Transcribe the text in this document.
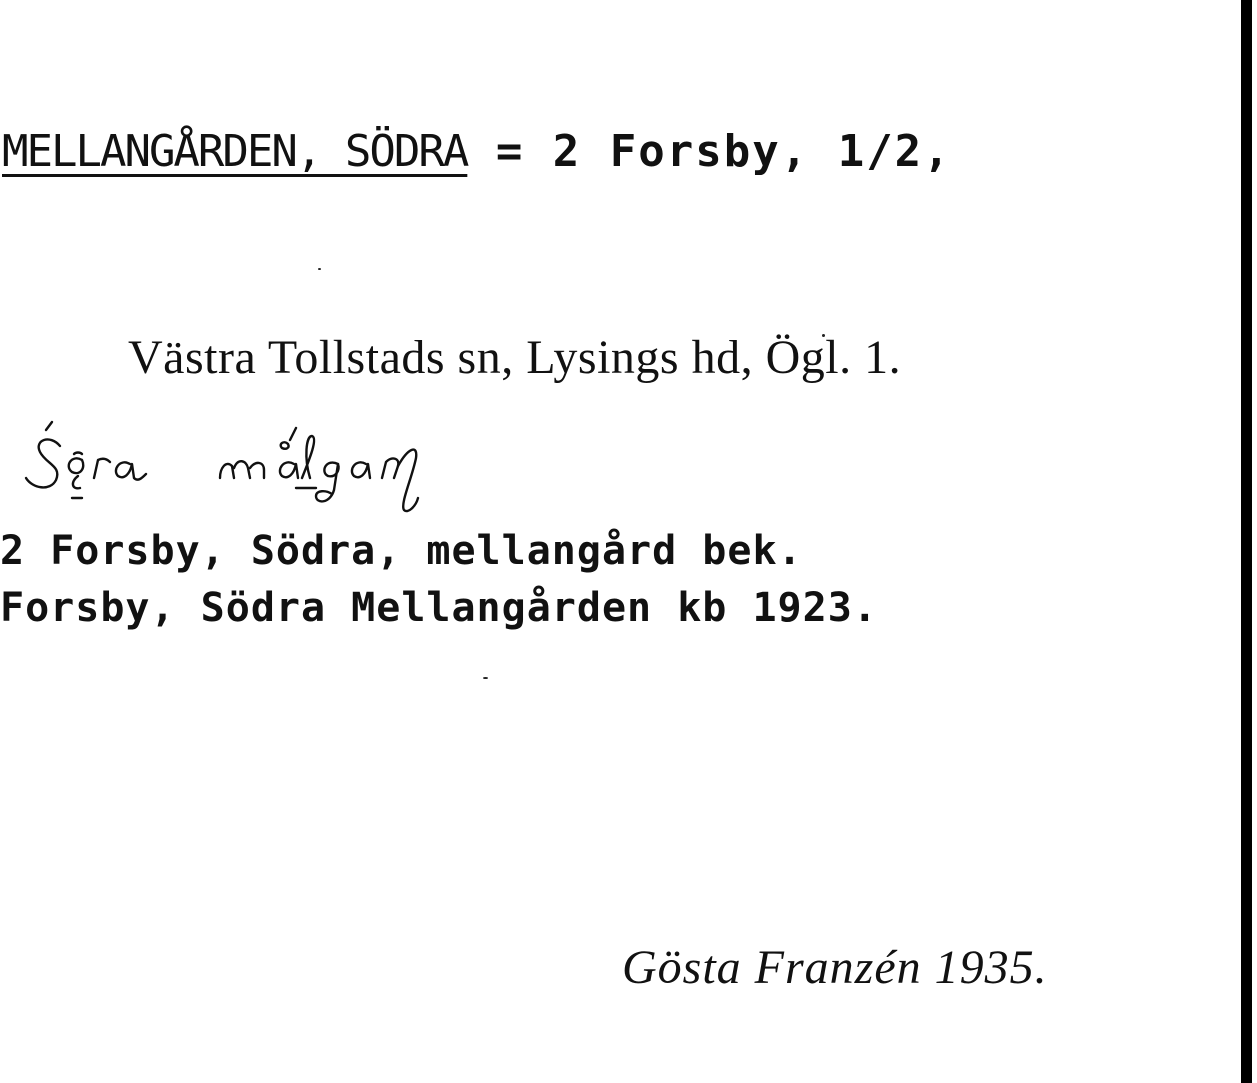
MELLANGÅRDEN, SÖDRA = 2 Forsby, 1/2,
Västra Tollstads sn, Lysings hd, Ögl. 1.
2 Forsby, Södra, mellangård bek.
Forsby, Södra Mellangården kb 1923.
Gösta Franzén 1935.
